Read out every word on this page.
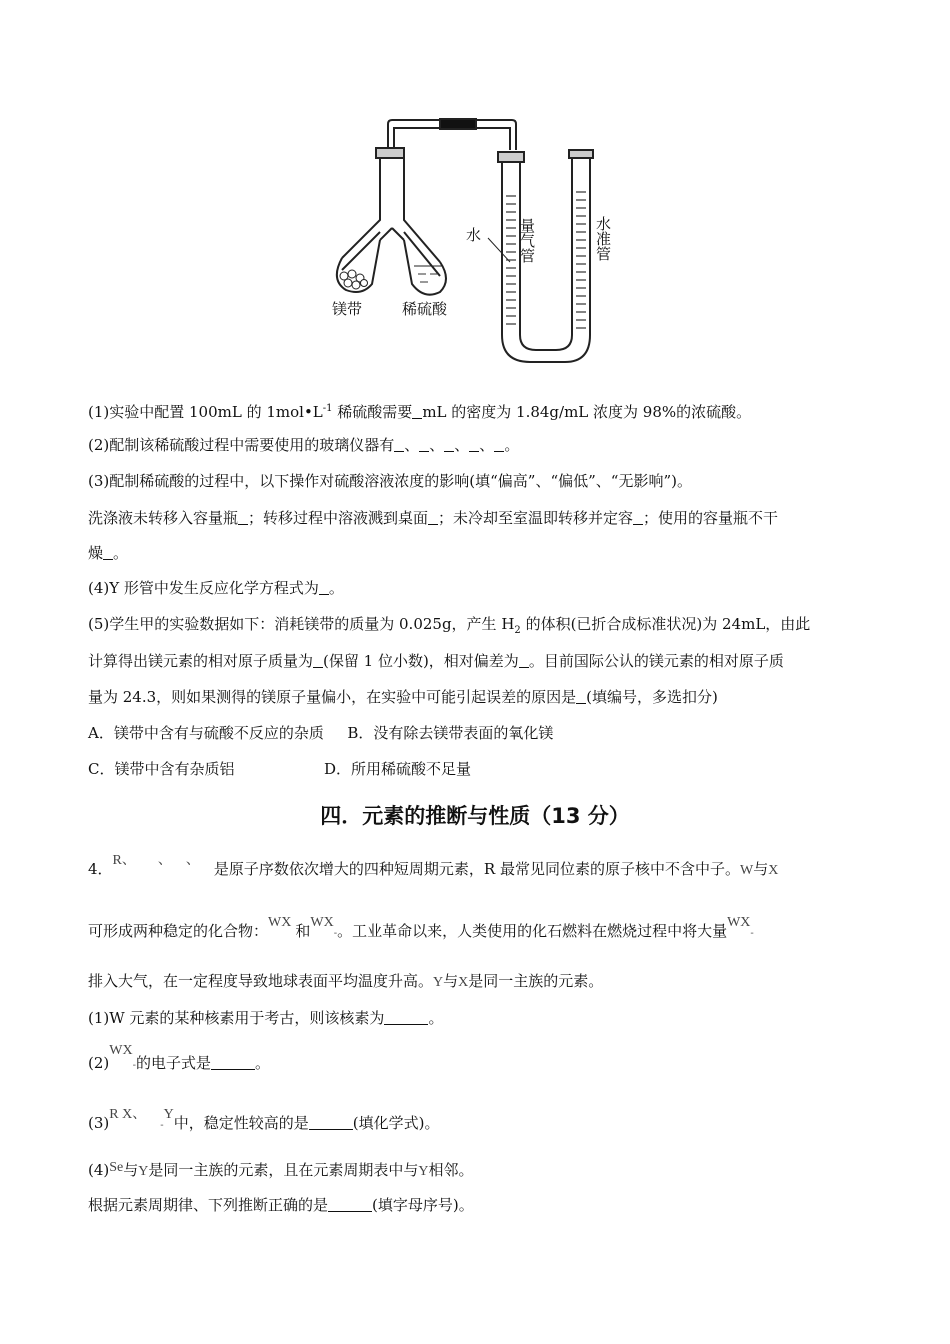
镁带	稀硫酸
水 量气管	水准管
(1)实验中配置 100mL 的 $1mol•L^{-1}$ 稀硫酸需要 mL 的密度为 1.84g/mL 浓度为 98%的浓硫酸。
(2)配制该稀硫酸过程中需要使用的玻璃仪器有 、 、 、 、 。
(3)配制稀硫酸的过程中，以下操作对硫酸溶液浓度的影响(填“偏高”、“偏低”、“无影响”)。
洗涤液未转移入容量瓶 ；转移过程中溶液溅到桌面 ；未冷却至室温即转移并定容 ；使用的容量瓶不干
燥 。
(4)Y 形管中发生反应化学方程式为 。
(5)学生甲的实验数据如下：消耗镁带的质量为 0.025g，产生 $H_2$ 的体积(已折合成标准状况)为 24mL，由此
计算得出镁元素的相对原子质量为 (保留 1 位小数)，相对偏差为 。目前国际公认的镁元素的相对原子质
量为 24.3，则如果测得的镁原子量偏小，在实验中可能引起误差的原因是 (填编号，多选扣分)
A．镁带中含有与硫酸不反应的杂质 B．没有除去镁带表面的氧化镁
C．镁带中含有杂质铝	D．所用稀硫酸不足量
四．元素的推断与性质（13 分）
4．R、 、 、 是原子序数依次增大的四种短周期元素，R 最常见同位素的原子核中不含中子。W与X
可形成两种稳定的化合物：WX 和WX-。工业革命以来，人类使用的化石燃料在燃烧过程中将大量WX-
排入大气，在一定程度导致地球表面平均温度升高。Y与X是同一主族的元素。
(1)W 元素的某种核素用于考古，则该核素为	。
(2)WX-的电子式是	。
(3)R X、-Y中，稳定性较高的是	(填化学式)。
(4)Se与Y是同一主族的元素，且在元素周期表中与Y相邻。
根据元素周期律、下列推断正确的是	(填字母序号)。
